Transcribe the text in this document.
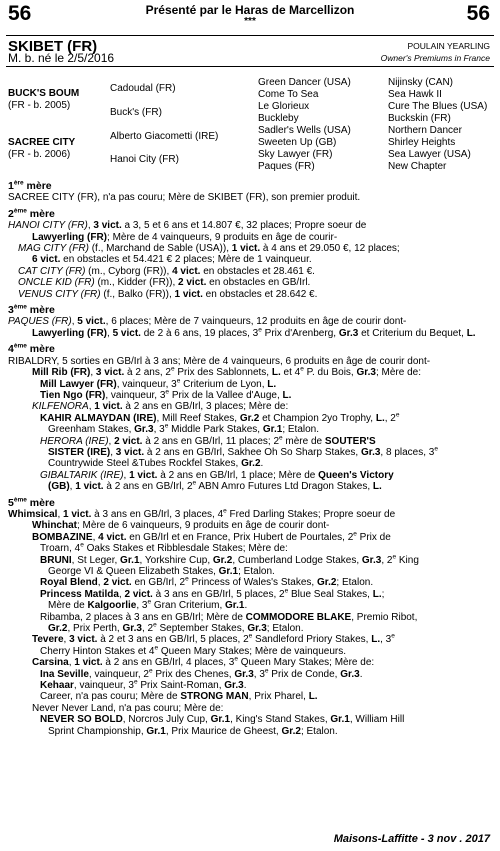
56	Présenté par le Haras de Marcellizon
***	56
SKIBET (FR)
M. b. né le 2/5/2016
POULAIN YEARLING
Owner's Premiums in France
BUCK'S BOUM
(FR - b. 2005)
SACREE CITY
(FR - b. 2006)
Cadoudal (FR)
Buck's (FR)
Alberto Giacometti (IRE)
Hanoi City (FR)
Green Dancer (USA)
Come To Sea
Le Glorieux
Buckleby
Sadler's Wells (USA)
Sweeten Up (GB)
Sky Lawyer (FR)
Paques (FR)
Nijinsky (CAN)
Sea Hawk II
Cure The Blues (USA)
Buckskin (FR)
Northern Dancer
Shirley Heights
Sea Lawyer (USA)
New Chapter

1ère mère

SACREE CITY (FR), n'a pas couru; Mère de SKIBET (FR), son premier produit.

2ème mère

HANOI CITY (FR), 3 vict. a 3, 5 et 6 ans et 14.807 €, 32 places; Propre soeur de

Lawyerling (FR); Mère de 4 vainqueurs, 9 produits en âge de courir-

MAG CITY (FR) (f., Marchand de Sable (USA)), 1 vict. à 4 ans et 29.050 €, 12 places;

6 vict. en obstacles et 54.421 € 2 places; Mère de 1 vainqueur.

CAT CITY (FR) (m., Cyborg (FR)), 4 vict. en obstacles et 28.461 €.

ONCLE KID (FR) (m., Kidder (FR)), 2 vict. en obstacles en GB/Irl.

VENUS CITY (FR) (f., Balko (FR)), 1 vict. en obstacles et 28.642 €.

3ème mère

PAQUES (FR), 5 vict., 6 places; Mère de 7 vainqueurs, 12 produits en âge de courir dont-

Lawyerling (FR), 5 vict. de 2 à 6 ans, 19 places, 3e Prix d'Arenberg, Gr.3 et Criterium du Bequet, L.

4ème mère

RIBALDRY, 5 sorties en GB/Irl à 3 ans; Mère de 4 vainqueurs, 6 produits en âge de courir dont-

Mill Rib (FR), 3 vict. à 2 ans, 2e Prix des Sablonnets, L. et 4e P. du Bois, Gr.3; Mère de:

Mill Lawyer (FR), vainqueur, 3e Criterium de Lyon, L.

Tien Ngo (FR), vainqueur, 3e Prix de la Vallee d'Auge, L.

KILFENORA, 1 vict. à 2 ans en GB/Irl, 3 places; Mère de:

KAHIR ALMAYDAN (IRE), Mill Reef Stakes, Gr.2 et Champion 2yo Trophy, L., 2e

Greenham Stakes, Gr.3, 3e Middle Park Stakes, Gr.1; Etalon.

HERORA (IRE), 2 vict. à 2 ans en GB/Irl, 11 places; 2e mère de SOUTER'S

SISTER (IRE), 3 vict. à 2 ans en GB/Irl, Sakhee Oh So Sharp Stakes, Gr.3, 8 places, 3e Countrywide Steel &Tubes Rockfel Stakes, Gr.2.

GIBALTARIK (IRE), 1 vict. à 2 ans en GB/Irl, 1 place; Mère de Queen's Victory

(GB), 1 vict. à 2 ans en GB/Irl, 2e ABN Amro Futures Ltd Dragon Stakes, L.

5ème mère

Whimsical, 1 vict. à 3 ans en GB/Irl, 3 places, 4e Fred Darling Stakes; Propre soeur de

Whinchat; Mère de 6 vainqueurs, 9 produits en âge de courir dont-

BOMBAZINE, 4 vict. en GB/Irl et en France, Prix Hubert de Pourtales, 2e Prix de

Troarn, 4e Oaks Stakes et Ribblesdale Stakes; Mère de:

BRUNI, St Leger, Gr.1, Yorkshire Cup, Gr.2, Cumberland Lodge Stakes, Gr.3, 2e King

George VI & Queen Elizabeth Stakes, Gr.1; Etalon.

Royal Blend, 2 vict. en GB/Irl, 2e Princess of Wales's Stakes, Gr.2; Etalon.

Princess Matilda, 2 vict. à 3 ans en GB/Irl, 5 places, 2e Blue Seal Stakes, L.;

Mère de Kalgoorlie, 3e Gran Criterium, Gr.1.

Ribamba, 2 places à 3 ans en GB/Irl; Mère de COMMODORE BLAKE, Premio Ribot,

Gr.2, Prix Perth, Gr.3, 2e September Stakes, Gr.3; Etalon.

Tevere, 3 vict. à 2 et 3 ans en GB/Irl, 5 places, 2e Sandleford Priory Stakes, L., 3e

Cherry Hinton Stakes et 4e Queen Mary Stakes; Mère de vainqueurs.

Carsina, 1 vict. à 2 ans en GB/Irl, 4 places, 3e Queen Mary Stakes; Mère de:

Ina Seville, vainqueur, 2e Prix des Chenes, Gr.3, 3e Prix de Conde, Gr.3.

Kehaar, vainqueur, 3e Prix Saint-Roman, Gr.3.

Career, n'a pas couru; Mère de STRONG MAN, Prix Pharel, L.

Never Never Land, n'a pas couru; Mère de:

NEVER SO BOLD, Norcros July Cup, Gr.1, King's Stand Stakes, Gr.1, William Hill

Sprint Championship, Gr.1, Prix Maurice de Gheest, Gr.2; Etalon.

Maisons-Laffitte - 3 nov . 2017
